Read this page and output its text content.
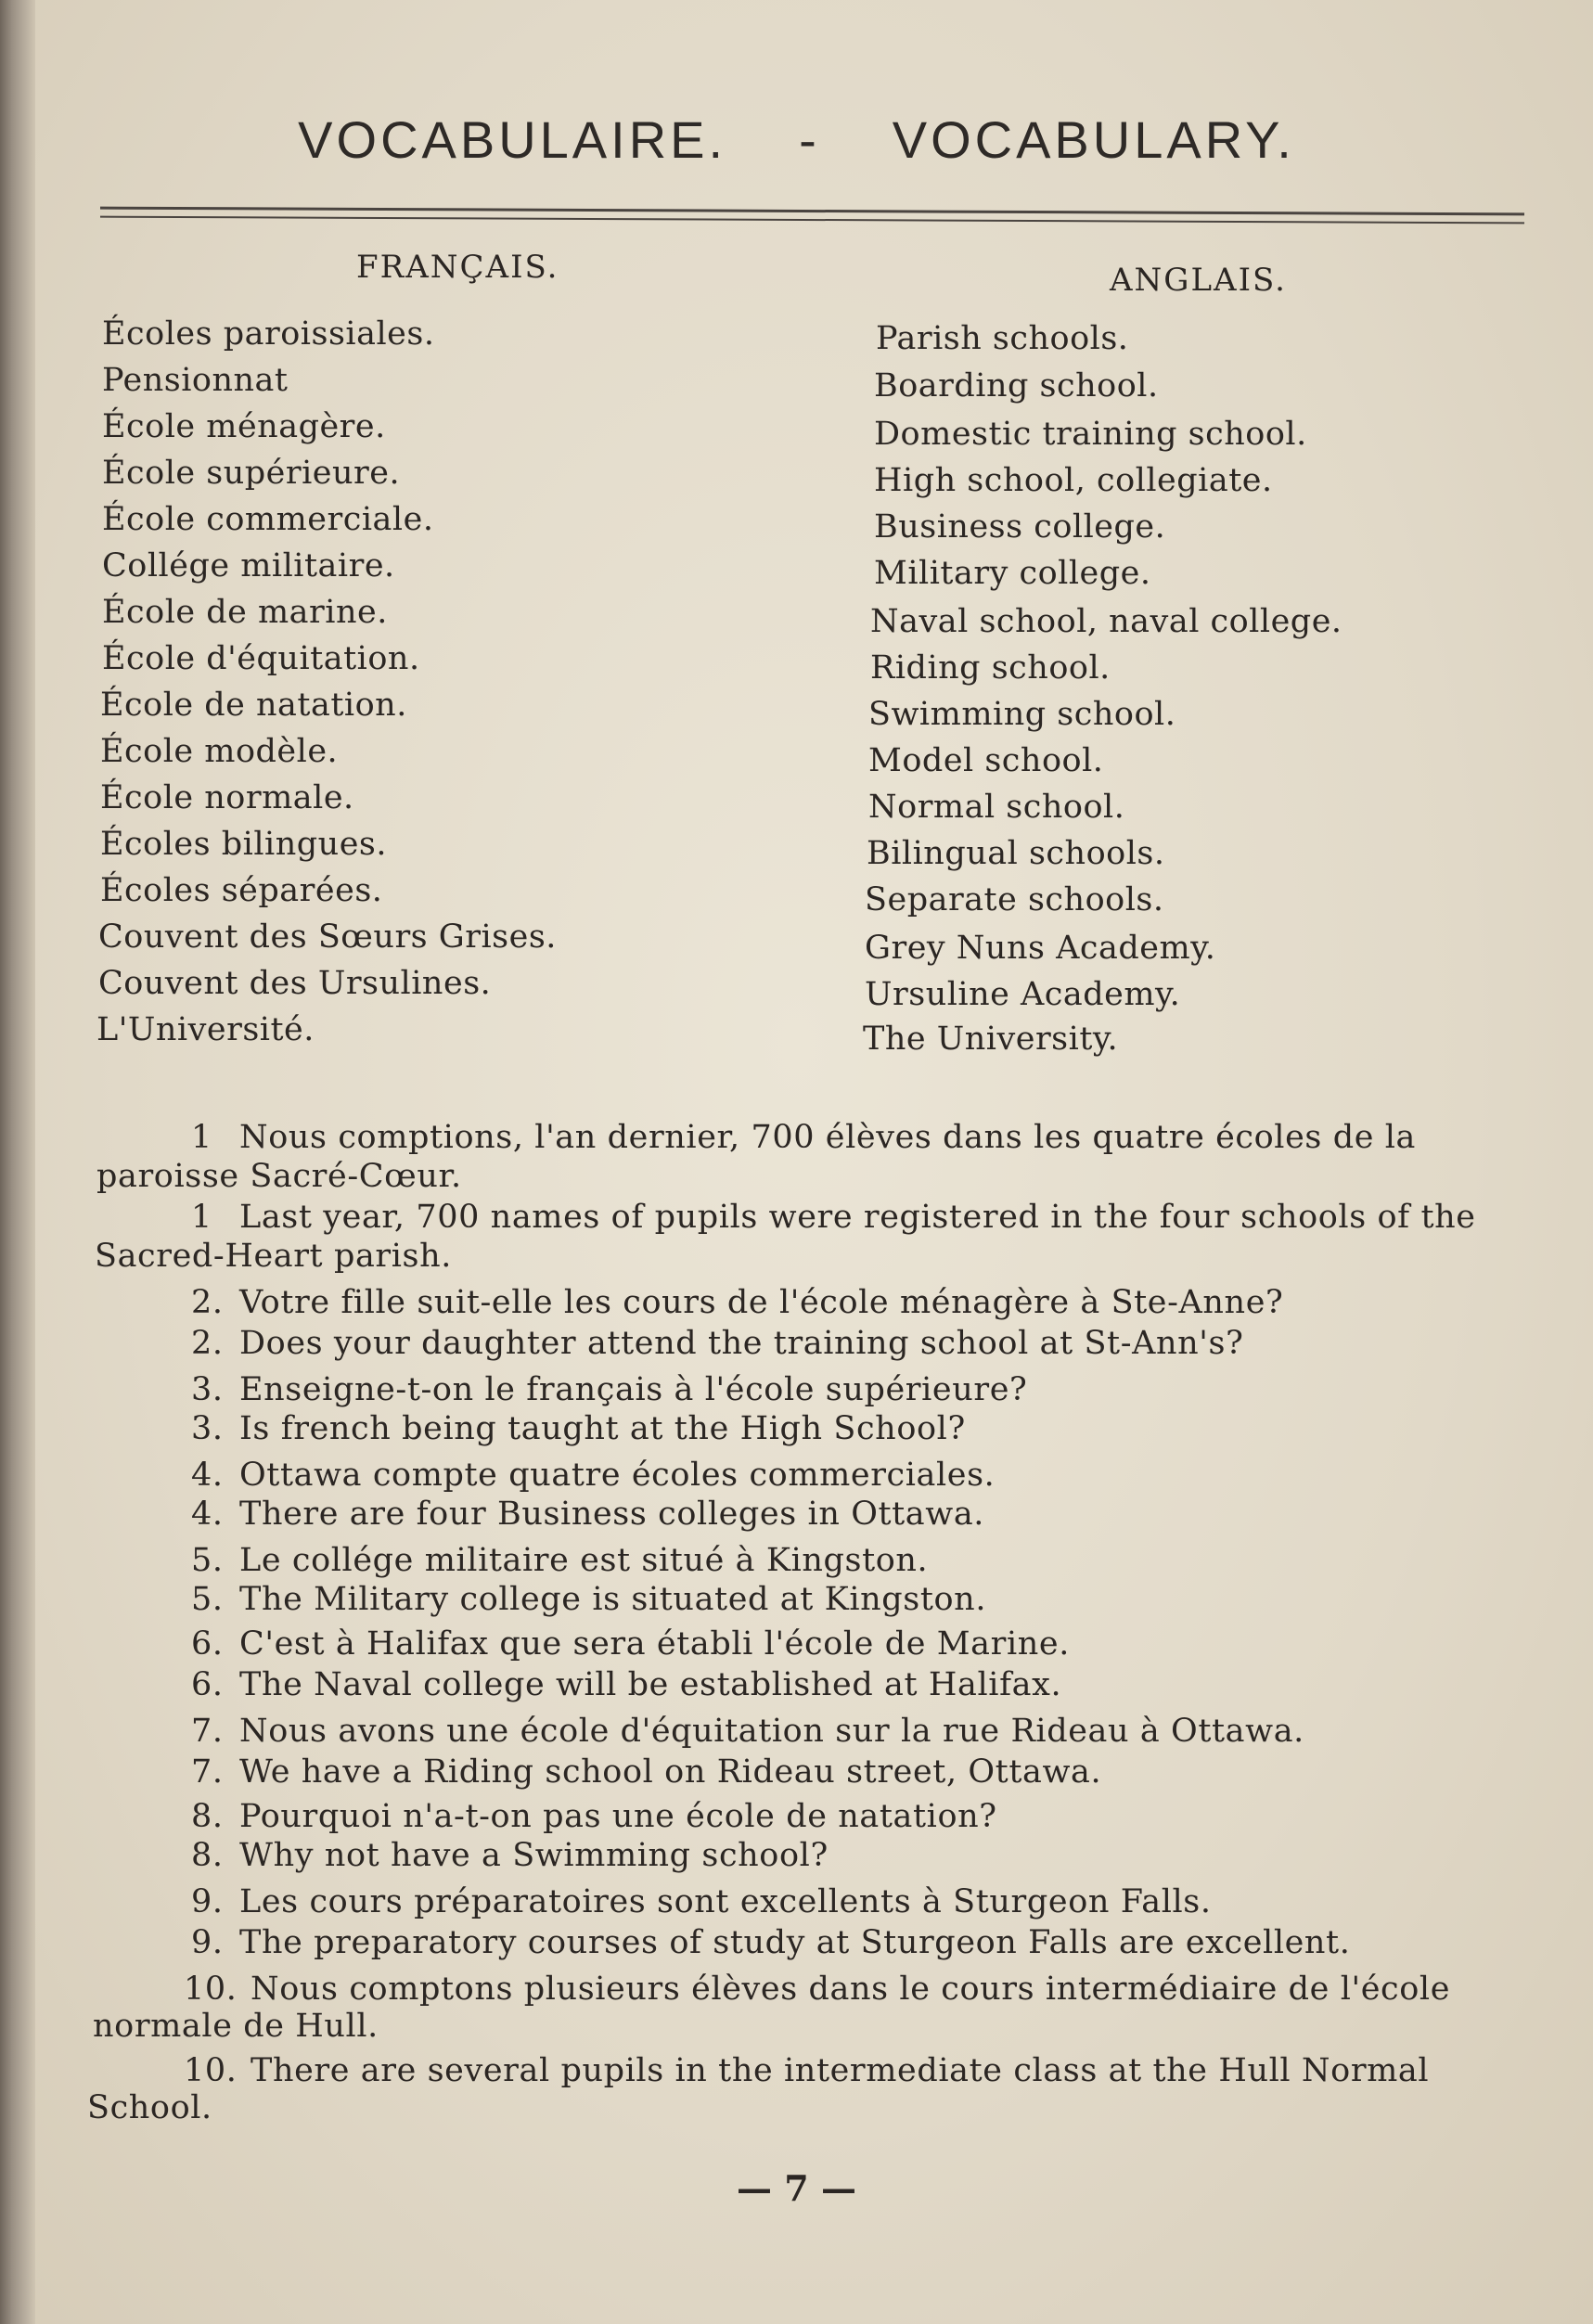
VOCABULAIRE. - VOCABULARY.
FRANÇAIS.	ANGLAIS.
Écoles paroissiales.	Parish schools.
Pensionnat	Boarding school.
École ménagère.	Domestic training school.
École supérieure.	High school, collegiate.
École commerciale.	Business college.
Collége militaire.	Military college.
École de marine.	Naval school, naval college.
École d'équitation.	Riding school.
École de natation.	Swimming school.
École modèle.	Model school.
École normale.	Normal school.
Écoles bilingues.	Bilingual schools.
Écoles séparées.	Separate schools.
Couvent des Sœurs Grises.	Grey Nuns Academy.
Couvent des Ursulines.	Ursuline Academy.
L'Université.	The University.
1 Nous comptions, l'an dernier, 700 élèves dans les quatre écoles de la
paroisse Sacré-Cœur.
1 Last year, 700 names of pupils were registered in the four schools of the
Sacred-Heart parish.
2. Votre fille suit-elle les cours de l'école ménagère à Ste-Anne?
2. Does your daughter attend the training school at St-Ann's?
3. Enseigne-t-on le français à l'école supérieure?
3. Is french being taught at the High School?
4. Ottawa compte quatre écoles commerciales.
4. There are four Business colleges in Ottawa.
5. Le collége militaire est situé à Kingston.
5. The Military college is situated at Kingston.
6. C'est à Halifax que sera établi l'école de Marine.
6. The Naval college will be established at Halifax.
7. Nous avons une école d'équitation sur la rue Rideau à Ottawa.
7. We have a Riding school on Rideau street, Ottawa.
8. Pourquoi n'a-t-on pas une école de natation?
8. Why not have a Swimming school?
9. Les cours préparatoires sont excellents à Sturgeon Falls.
9. The preparatory courses of study at Sturgeon Falls are excellent.
10. Nous comptons plusieurs élèves dans le cours intermédiaire de l'école
normale de Hull.
10. There are several pupils in the intermediate class at the Hull Normal
School.
— 7 —
